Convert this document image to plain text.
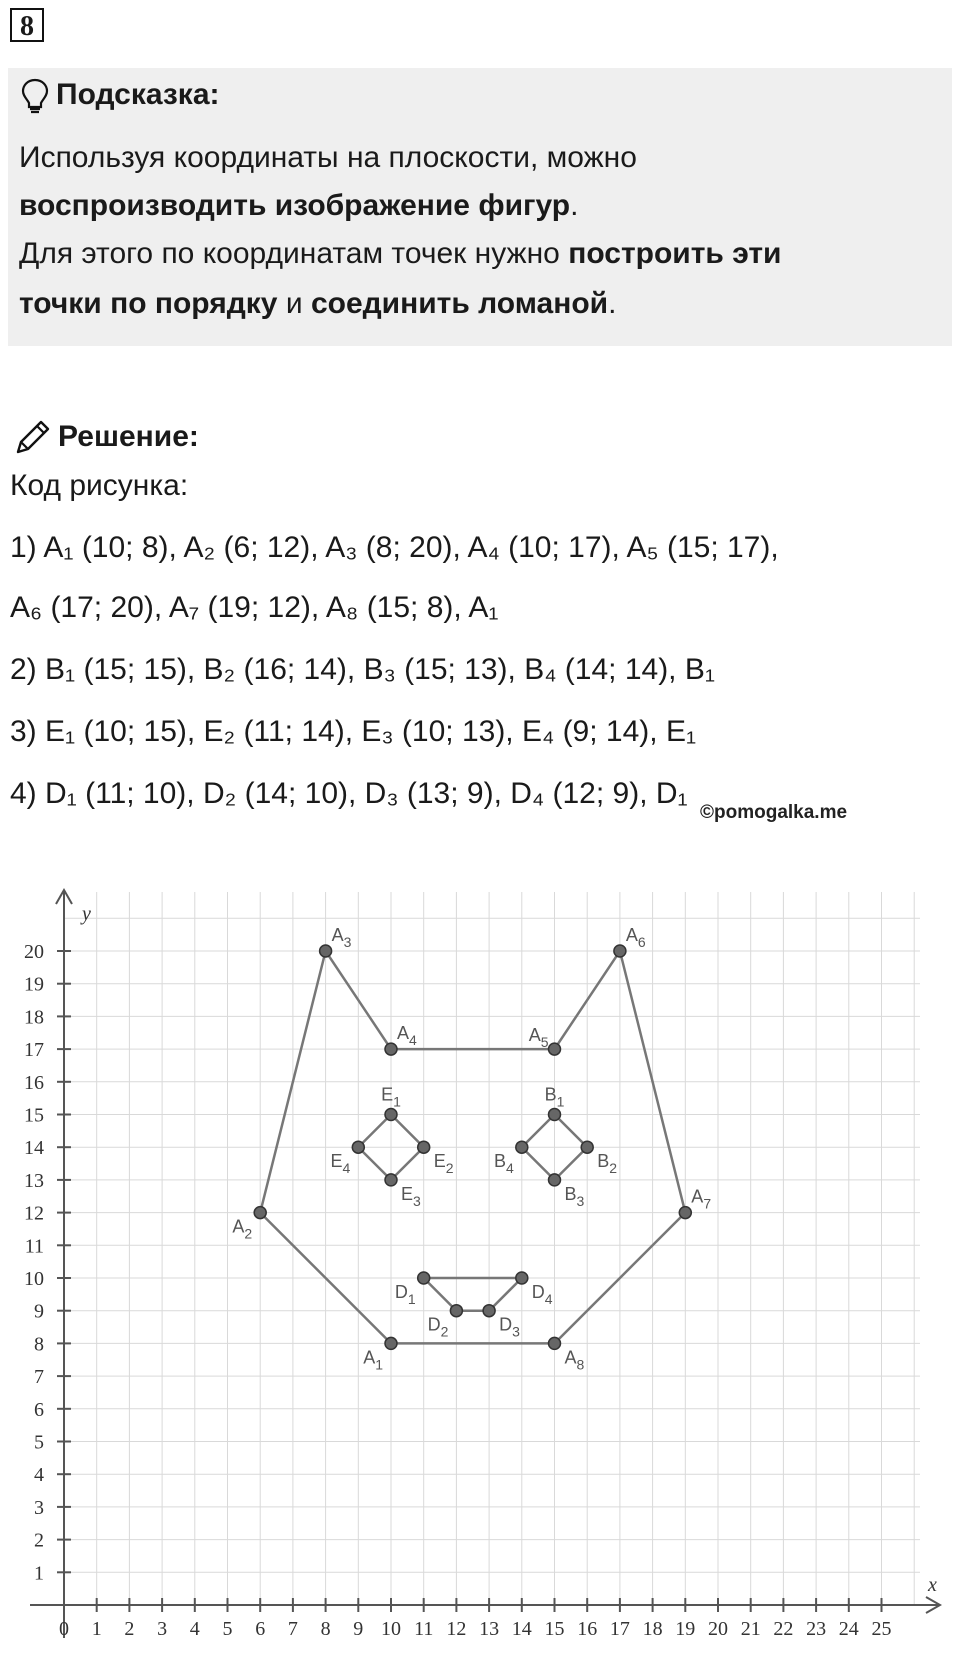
8
Подсказка:
Используя координаты на плоскости, можно
воспроизводить изображение фигур.
Для этого по координатам точек нужно построить эти
точки по порядку и соединить ломаной.
Решение:
Код рисунка:
1) A₁ (10; 8), A₂ (6; 12), A₃ (8; 20), A₄ (10; 17), A₅ (15; 17),
A₆ (17; 20), A₇ (19; 12), A₈ (15; 8), A₁
2) B₁ (15; 15), B₂ (16; 14), B₃ (15; 13), B₄ (14; 14), B₁
3) E₁ (10; 15), E₂ (11; 14), E₃ (10; 13), E₄ (9; 14), E₁
4) D₁ (11; 10), D₂ (14; 10), D₃ (13; 9), D₄ (12; 9), D₁
©pomogalka.me
x
y
0 1 2 3 4 5 6 7 8 9 10 11 12 13 14 15 16 17 18 19 20 21 22 23 24 25
1
2
3
4
5
6
7
8
9
10
11
12
13
14
15
16
17
18
19
20
$A_1$
$A_2$
$A_3$
$A_4$	$A_5$
$A_6$
$A_7$
$A_8$
$B_1$
$B_2$
$B_3$
$B_4$
$E_1$
$E_2$
$E_3$
$E_4$
$D_1$	$D_4$
$D_3$
$D_2$
